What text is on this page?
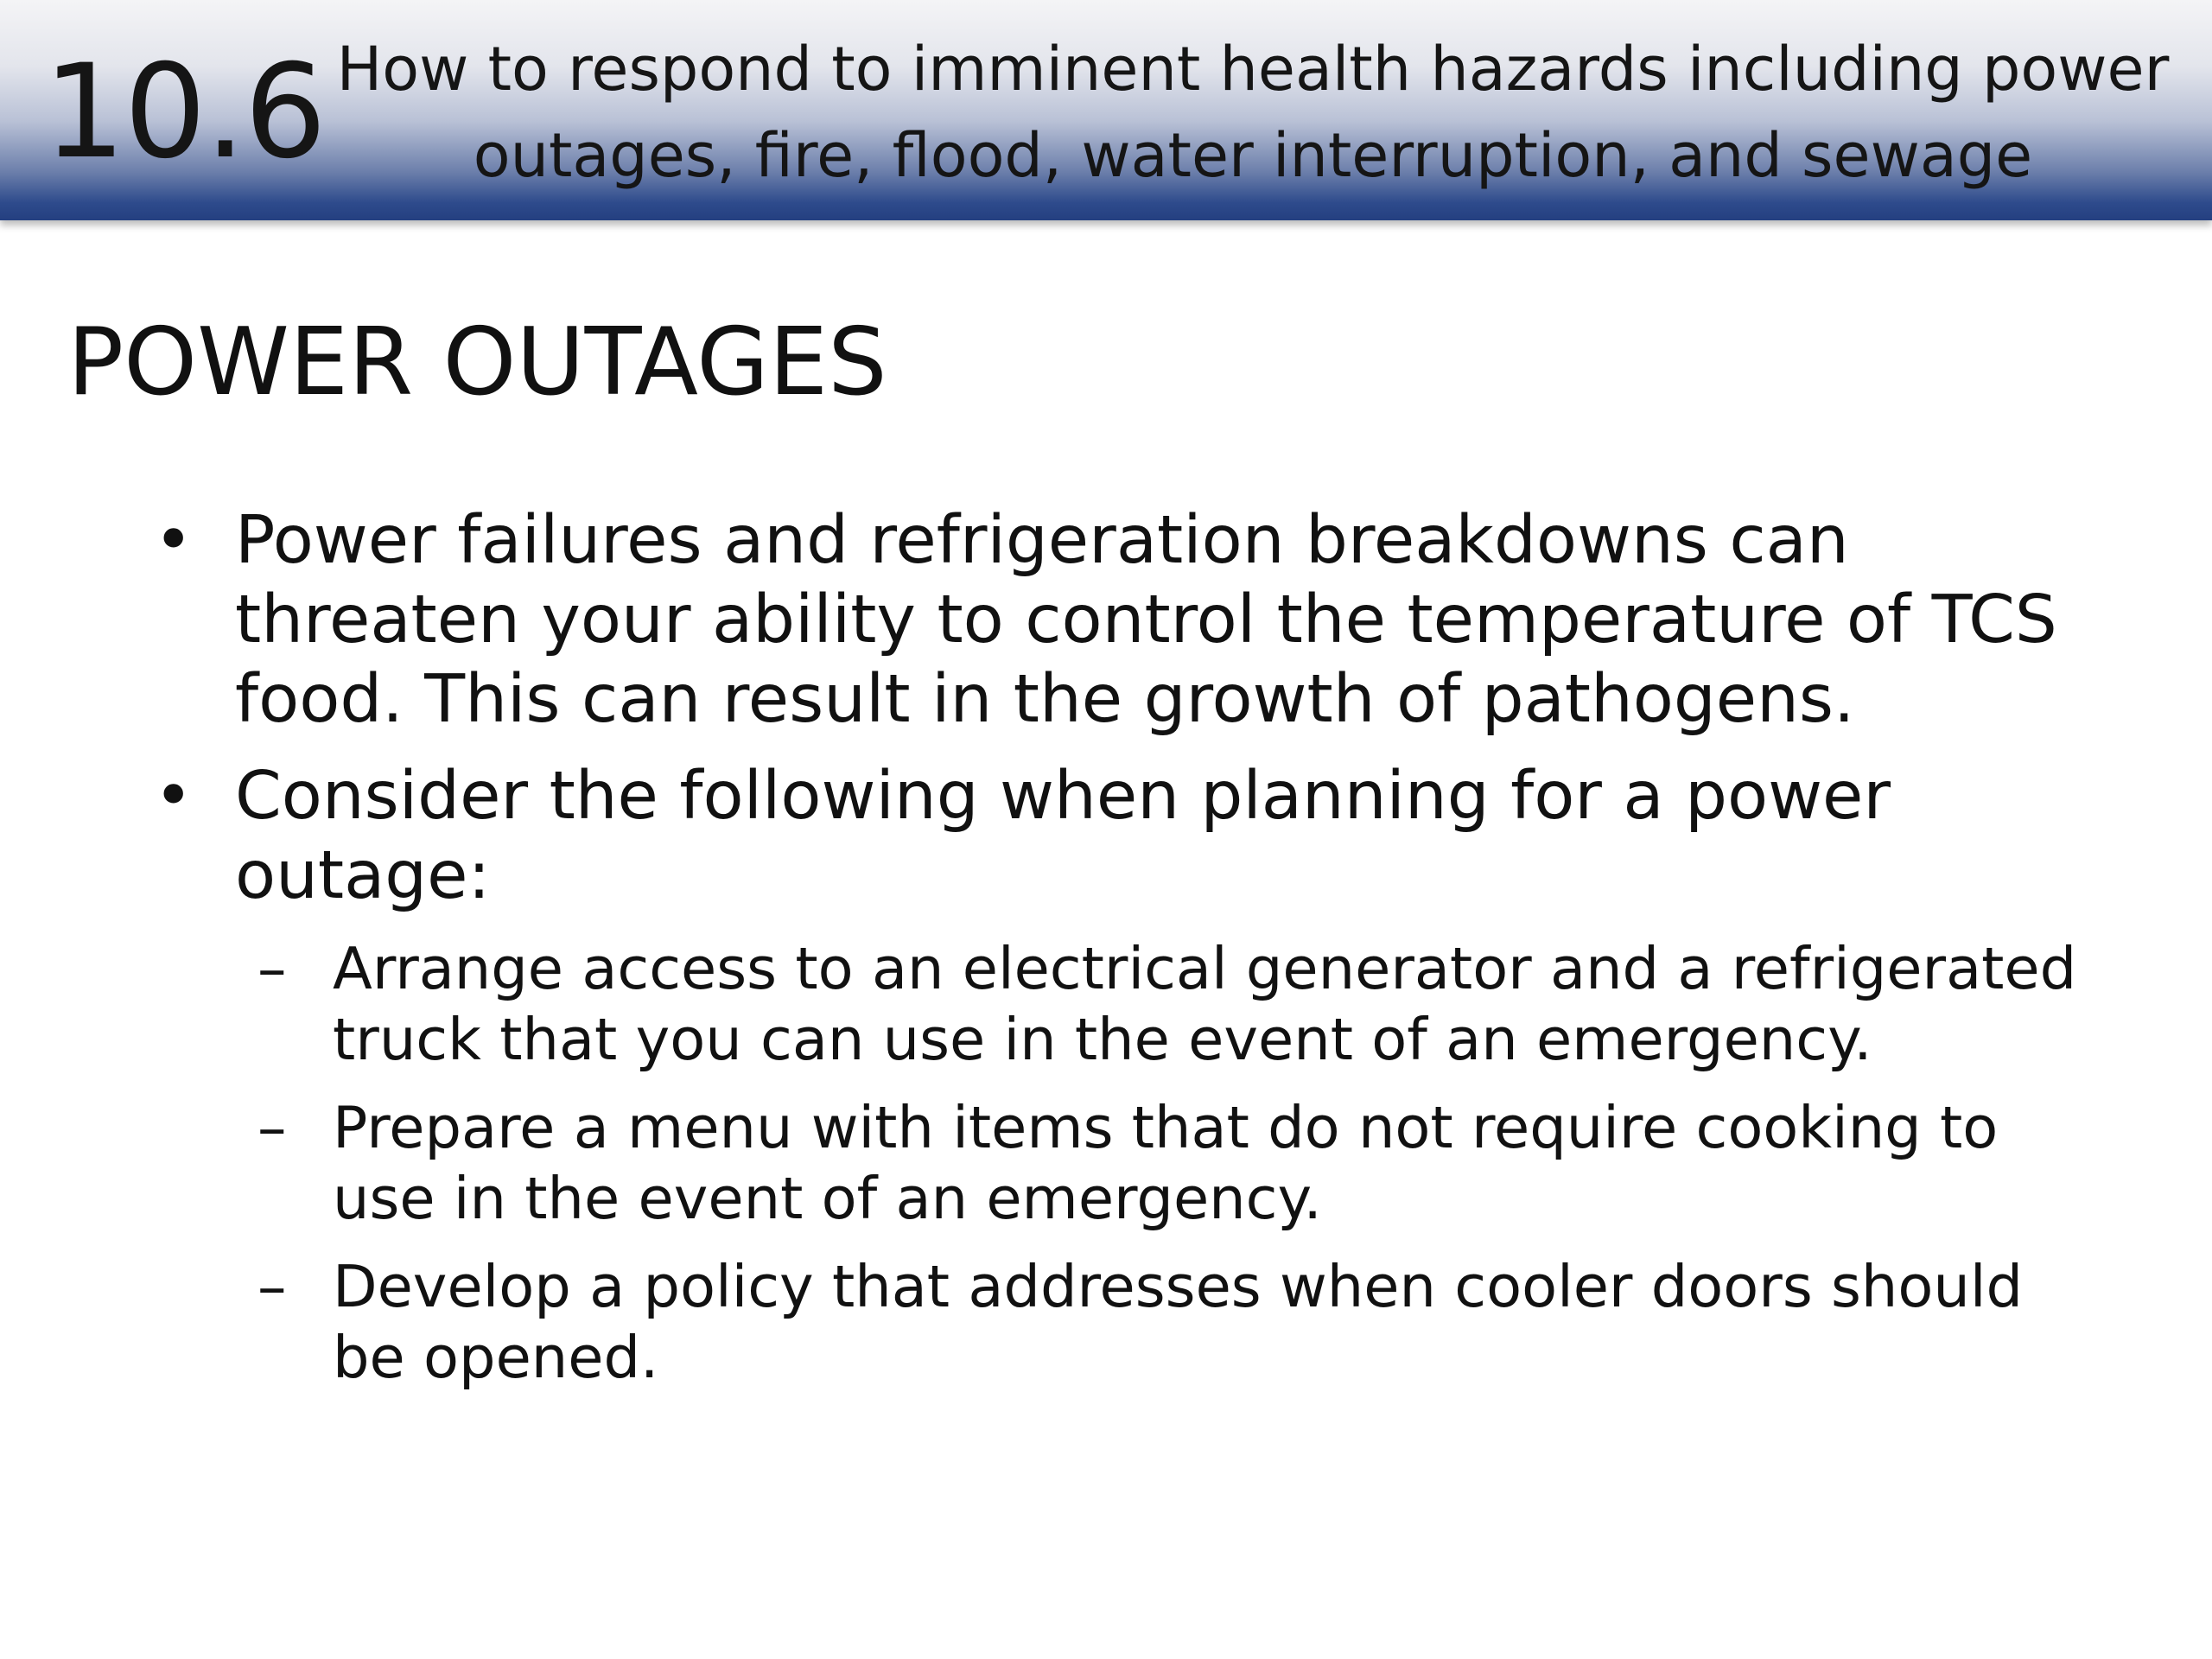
10.6 How to respond to imminent health hazards including power outages, fire, flood, water interruption, and sewage
POWER OUTAGES
• Power failures and refrigeration breakdowns can threaten your ability to control the temperature of TCS food. This can result in the growth of pathogens.
• Consider the following when planning for a power outage:
– Arrange access to an electrical generator and a refrigerated truck that you can use in the event of an emergency.
– Prepare a menu with items that do not require cooking to use in the event of an emergency.
– Develop a policy that addresses when cooler doors should be opened.
